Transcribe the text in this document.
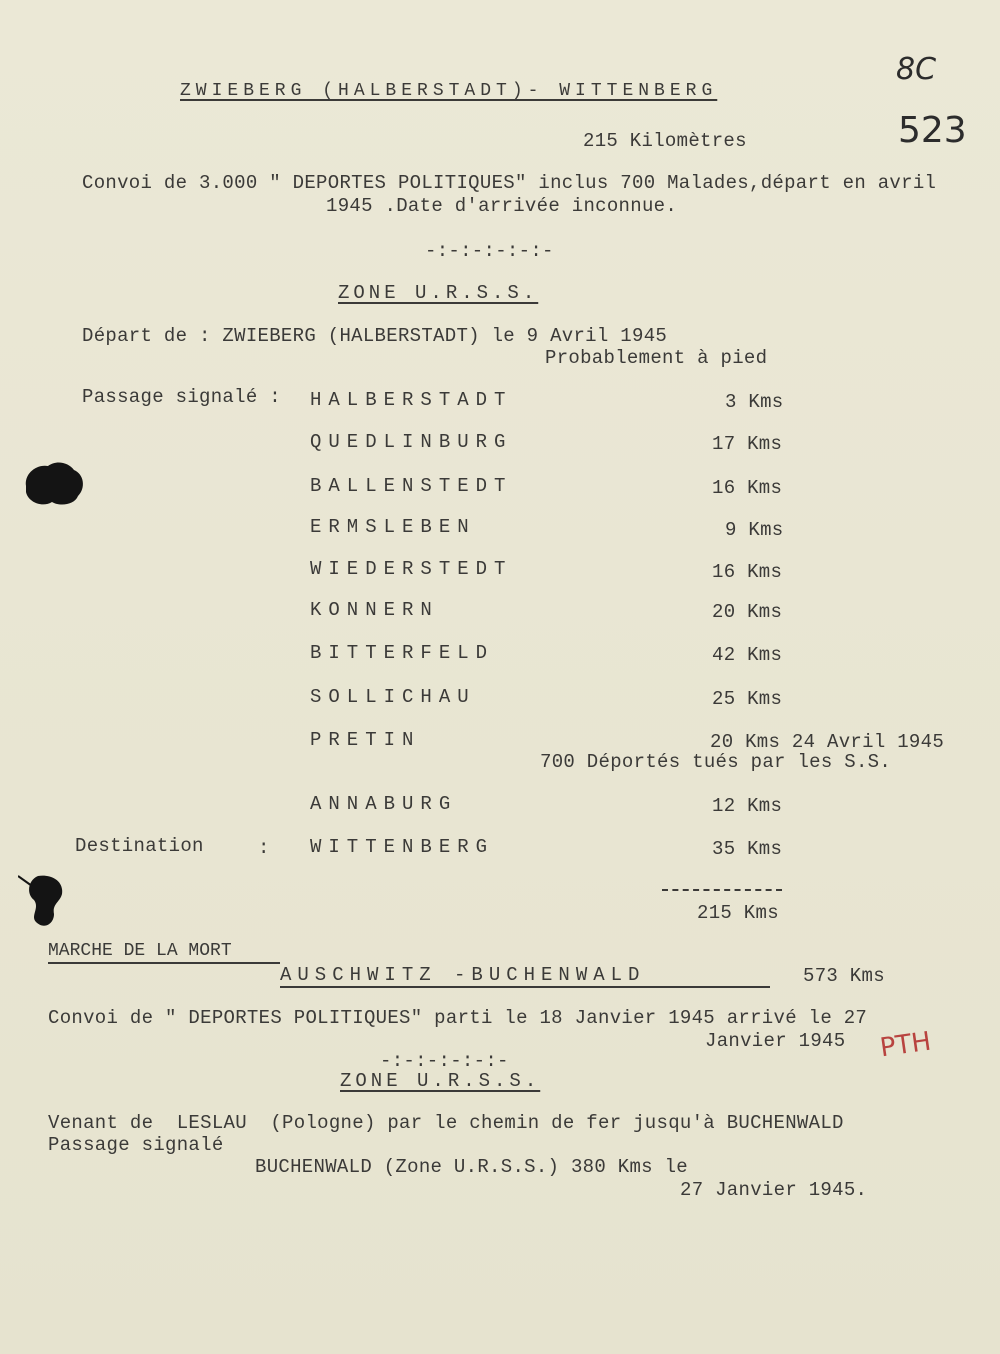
8C
523
ZWIEBERG (HALBERSTADT)- WITTENBERG
215 Kilomètres
Convoi de 3.000 " DEPORTES POLITIQUES" inclus 700 Malades,départ en avril
1945 .Date d'arrivée inconnue.
-:-:-:-:-:-
ZONE U.R.S.S.
Départ de : ZWIEBERG (HALBERSTADT) le 9 Avril 1945
Probablement à pied
Passage signalé : HALBERSTADT	3 Kms
QUEDLINBURG	17 Kms
BALLENSTEDT	16 Kms
ERMSLEBEN	9 Kms
WIEDERSTEDT	16 Kms
KONNERN	20 Kms
BITTERFELD	42 Kms
SOLLICHAU	25 Kms
PRETIN	20 Kms 24 Avril 1945
700 Déportés tués par les S.S.
ANNABURG	12 Kms
Destination	: WITTENBERG	35 Kms
215 Kms
MARCHE DE LA MORT
AUSCHWITZ -BUCHENWALD	573 Kms
Convoi de " DEPORTES POLITIQUES" parti le 18 Janvier 1945 arrivé le 27
Janvier 1945
-:-:-:-:-:-
ZONE U.R.S.S.
Venant de  LESLAU  (Pologne) par le chemin de fer jusqu'à BUCHENWALD
Passage signalé
BUCHENWALD (Zone U.R.S.S.) 380 Kms le
27 Janvier 1945.
PTH
